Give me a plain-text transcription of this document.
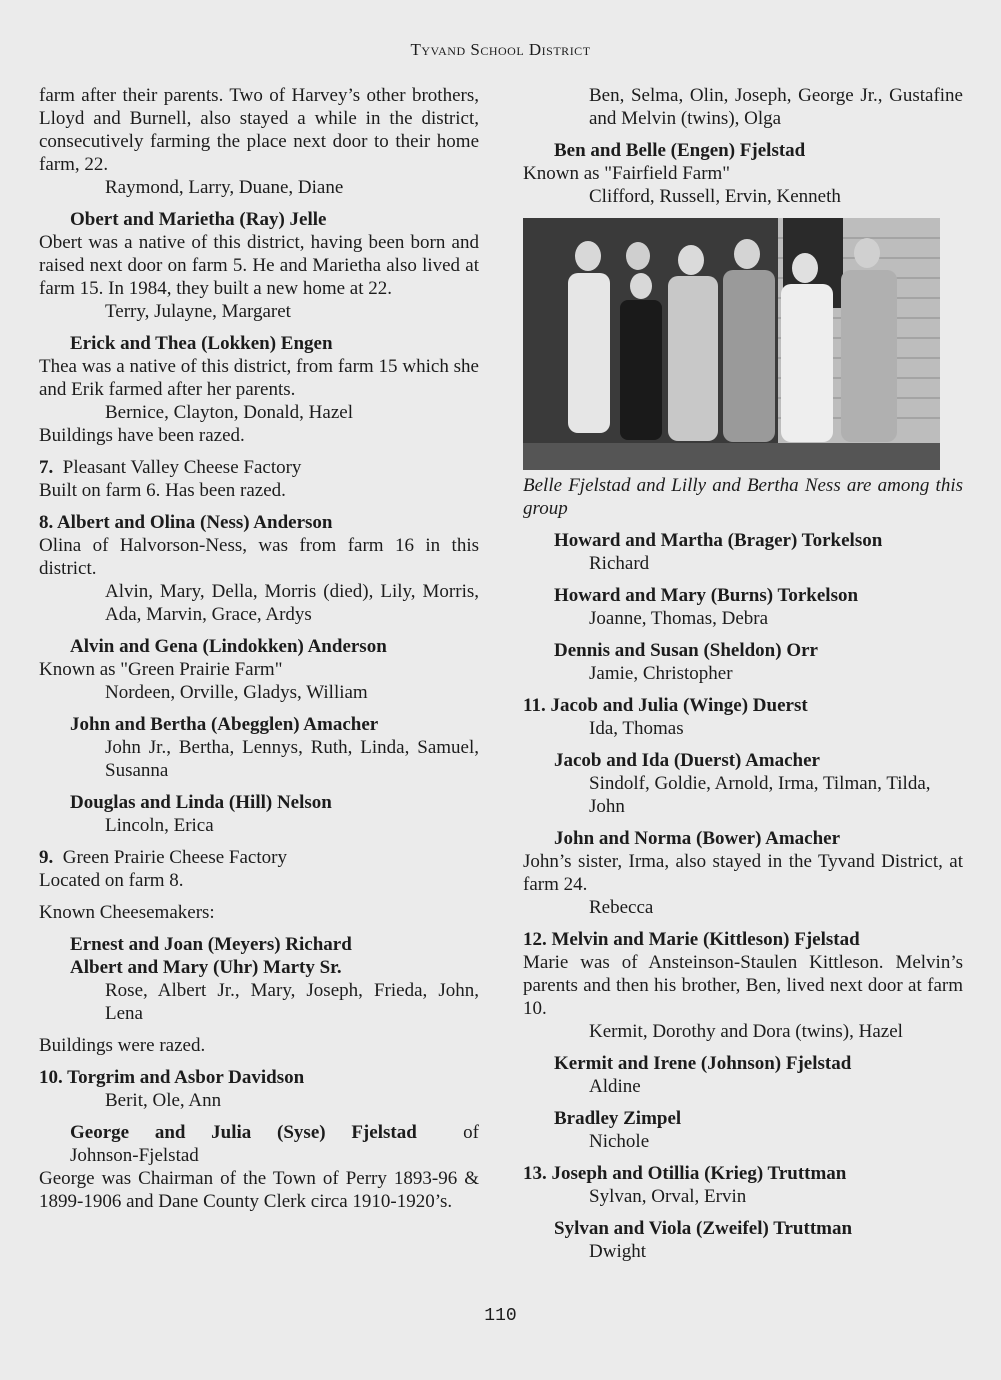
Tyvand School District

farm after their parents. Two of Harvey’s other brothers, Lloyd and Burnell, also stayed a while in the district, consecutively farming the place next door to their home farm, 22.

Raymond, Larry, Duane, Diane

Obert and Marietha (Ray) Jelle

Obert was a native of this district, having been born and raised next door on farm 5. He and Marietha also lived at farm 15. In 1984, they built a new home at 22.

Terry, Julayne, Margaret

Erick and Thea (Lokken) Engen

Thea was a native of this district, from farm 15 which she and Erik farmed after her parents.

Bernice, Clayton, Donald, Hazel

Buildings have been razed.

7. Pleasant Valley Cheese Factory

Built on farm 6. Has been razed.

8. Albert and Olina (Ness) Anderson

Olina of Halvorson-Ness, was from farm 16 in this district.

Alvin, Mary, Della, Morris (died), Lily, Morris, Ada, Marvin, Grace, Ardys

Alvin and Gena (Lindokken) Anderson

Known as "Green Prairie Farm"

Nordeen, Orville, Gladys, William

John and Bertha (Abegglen) Amacher

John Jr., Bertha, Lennys, Ruth, Linda, Samuel, Susanna

Douglas and Linda (Hill) Nelson

Lincoln, Erica

9. Green Prairie Cheese Factory

Located on farm 8.

Known Cheesemakers:

Ernest and Joan (Meyers) Richard

Albert and Mary (Uhr) Marty Sr.

Rose, Albert Jr., Mary, Joseph, Frieda, John, Lena

Buildings were razed.

10. Torgrim and Asbor Davidson

Berit, Ole, Ann

George and Julia (Syse) Fjelstad of Johnson-Fjelstad

George was Chairman of the Town of Perry 1893-96 & 1899-1906 and Dane County Clerk circa 1910-1920’s.

Ben, Selma, Olin, Joseph, George Jr., Gustafine and Melvin (twins), Olga

Ben and Belle (Engen) Fjelstad

Known as "Fairfield Farm"

Clifford, Russell, Ervin, Kenneth

Belle Fjelstad and Lilly and Bertha Ness are among this group

Howard and Martha (Brager) Torkelson

Richard

Howard and Mary (Burns) Torkelson

Joanne, Thomas, Debra

Dennis and Susan (Sheldon) Orr

Jamie, Christopher

11. Jacob and Julia (Winge) Duerst

Ida, Thomas

Jacob and Ida (Duerst) Amacher

Sindolf, Goldie, Arnold, Irma, Tilman, Tilda, John

John and Norma (Bower) Amacher

John’s sister, Irma, also stayed in the Tyvand District, at farm 24.

Rebecca

12. Melvin and Marie (Kittleson) Fjelstad

Marie was of Ansteinson-Staulen Kittleson. Melvin’s parents and then his brother, Ben, lived next door at farm 10.

Kermit, Dorothy and Dora (twins), Hazel

Kermit and Irene (Johnson) Fjelstad

Aldine

Bradley Zimpel

Nichole

13. Joseph and Otillia (Krieg) Truttman

Sylvan, Orval, Ervin

Sylvan and Viola (Zweifel) Truttman

Dwight

110
